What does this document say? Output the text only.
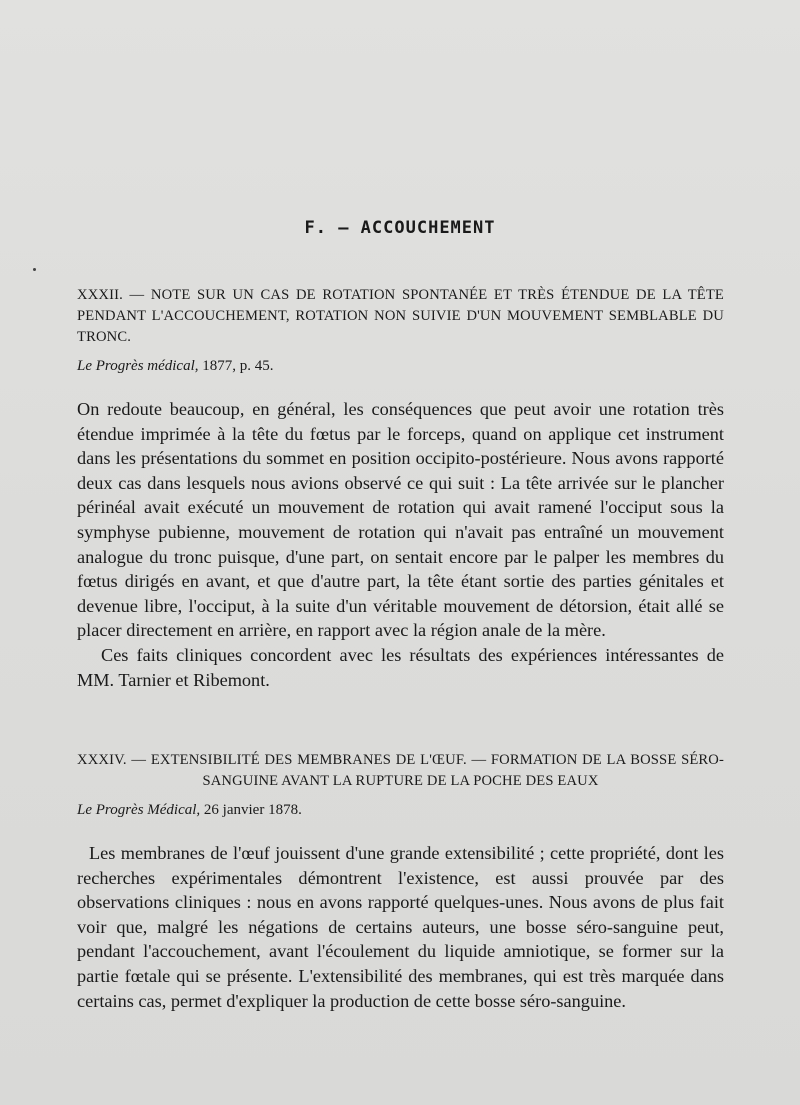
F. — ACCOUCHEMENT
XXXII. — NOTE SUR UN CAS DE ROTATION SPONTANÉE ET TRÈS ÉTENDUE DE LA TÊTE PENDANT L'ACCOUCHEMENT, ROTATION NON SUIVIE D'UN MOUVEMENT SEMBLABLE DU TRONC.
Le Progrès médical, 1877, p. 45.

On redoute beaucoup, en général, les conséquences que peut avoir une rotation très étendue imprimée à la tête du fœtus par le forceps, quand on applique cet instrument dans les présentations du sommet en position occipito-postérieure. Nous avons rapporté deux cas dans lesquels nous avions observé ce qui suit : La tête arrivée sur le plancher périnéal avait exécuté un mouvement de rotation qui avait ramené l'occiput sous la symphyse pubienne, mouvement de rotation qui n'avait pas entraîné un mouvement analogue du tronc puisque, d'une part, on sentait encore par le palper les membres du fœtus dirigés en avant, et que d'autre part, la tête étant sortie des parties génitales et devenue libre, l'occiput, à la suite d'un véritable mouvement de détorsion, était allé se placer directement en arrière, en rapport avec la région anale de la mère.

Ces faits cliniques concordent avec les résultats des expériences intéressantes de MM. Tarnier et Ribemont.

XXXIV. — EXTENSIBILITÉ DES MEMBRANES DE L'ŒUF. — FORMATION DE LA BOSSE SÉRO-SANGUINE AVANT LA RUPTURE DE LA POCHE DES EAUX
Le Progrès Médical, 26 janvier 1878.

Les membranes de l'œuf jouissent d'une grande extensibilité ; cette propriété, dont les recherches expérimentales démontrent l'existence, est aussi prouvée par des observations cliniques : nous en avons rapporté quelques-unes. Nous avons de plus fait voir que, malgré les négations de certains auteurs, une bosse séro-sanguine peut, pendant l'accouchement, avant l'écoulement du liquide amniotique, se former sur la partie fœtale qui se présente. L'extensibilité des membranes, qui est très marquée dans certains cas, permet d'expliquer la production de cette bosse séro-sanguine.
